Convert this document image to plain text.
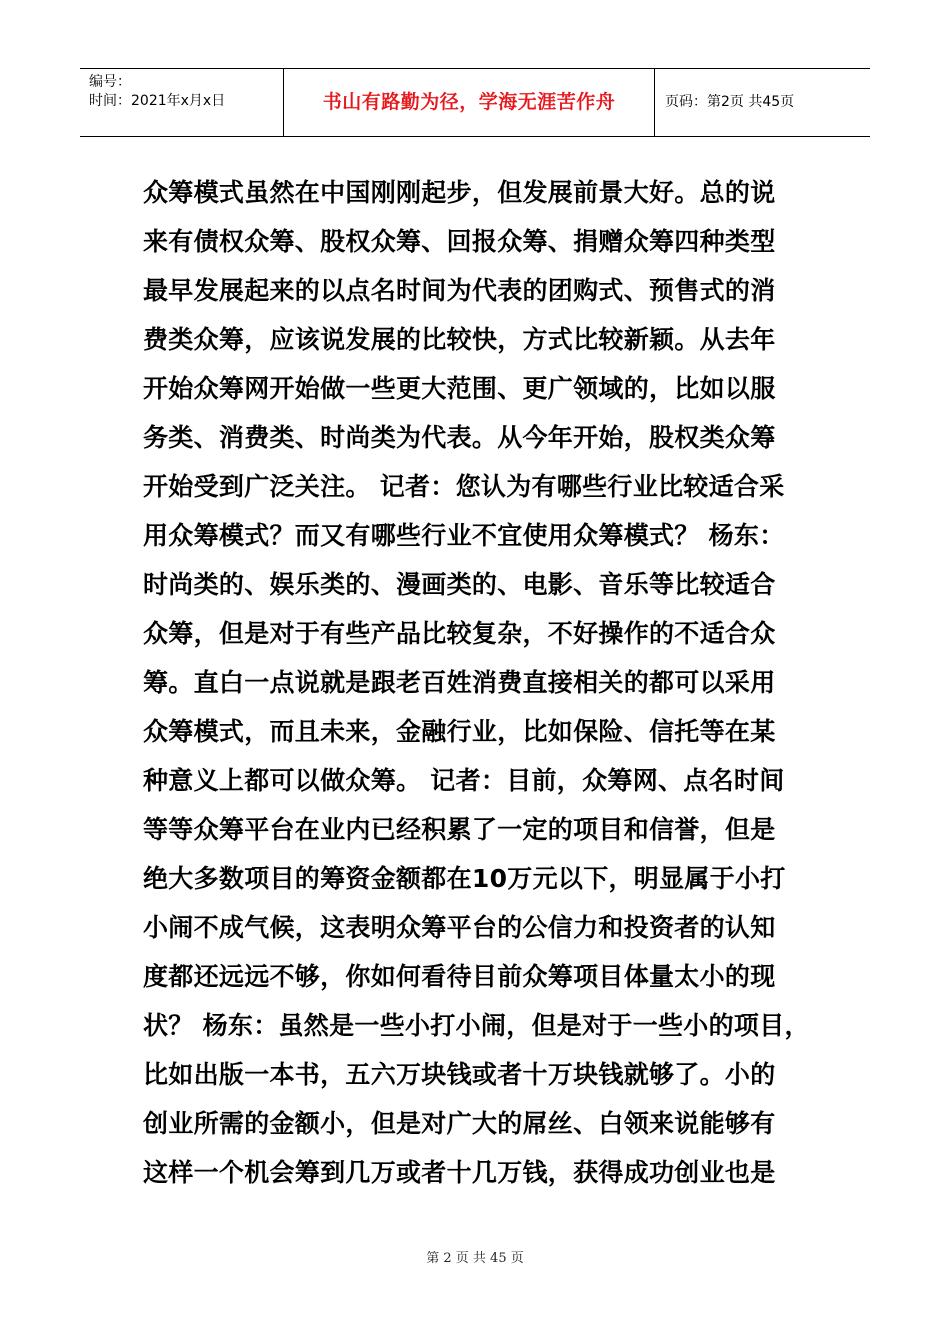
编号：
时间：2021年x月x日	书山有路勤为径，学海无涯苦作舟	页码：第2页 共45页
众筹模式虽然在中国刚刚起步，但发展前景大好。总的说
来有债权众筹、股权众筹、回报众筹、捐赠众筹四种类型
最早发展起来的以点名时间为代表的团购式、预售式的消
费类众筹，应该说发展的比较快，方式比较新颖。从去年
开始众筹网开始做一些更大范围、更广领域的，比如以服
务类、消费类、时尚类为代表。从今年开始，股权类众筹
开始受到广泛关注。 记者：您认为有哪些行业比较适合采
用众筹模式？而又有哪些行业不宜使用众筹模式？ 杨东：
时尚类的、娱乐类的、漫画类的、电影、音乐等比较适合
众筹，但是对于有些产品比较复杂，不好操作的不适合众
筹。直白一点说就是跟老百姓消费直接相关的都可以采用
众筹模式，而且未来，金融行业，比如保险、信托等在某
种意义上都可以做众筹。 记者：目前，众筹网、点名时间
等等众筹平台在业内已经积累了一定的项目和信誉，但是
绝大多数项目的筹资金额都在10万元以下，明显属于小打
小闹不成气候，这表明众筹平台的公信力和投资者的认知
度都还远远不够，你如何看待目前众筹项目体量太小的现
状？ 杨东：虽然是一些小打小闹，但是对于一些小的项目，
比如出版一本书，五六万块钱或者十万块钱就够了。小的
创业所需的金额小，但是对广大的屌丝、白领来说能够有
这样一个机会筹到几万或者十几万钱，获得成功创业也是
第 2 页 共 45 页
